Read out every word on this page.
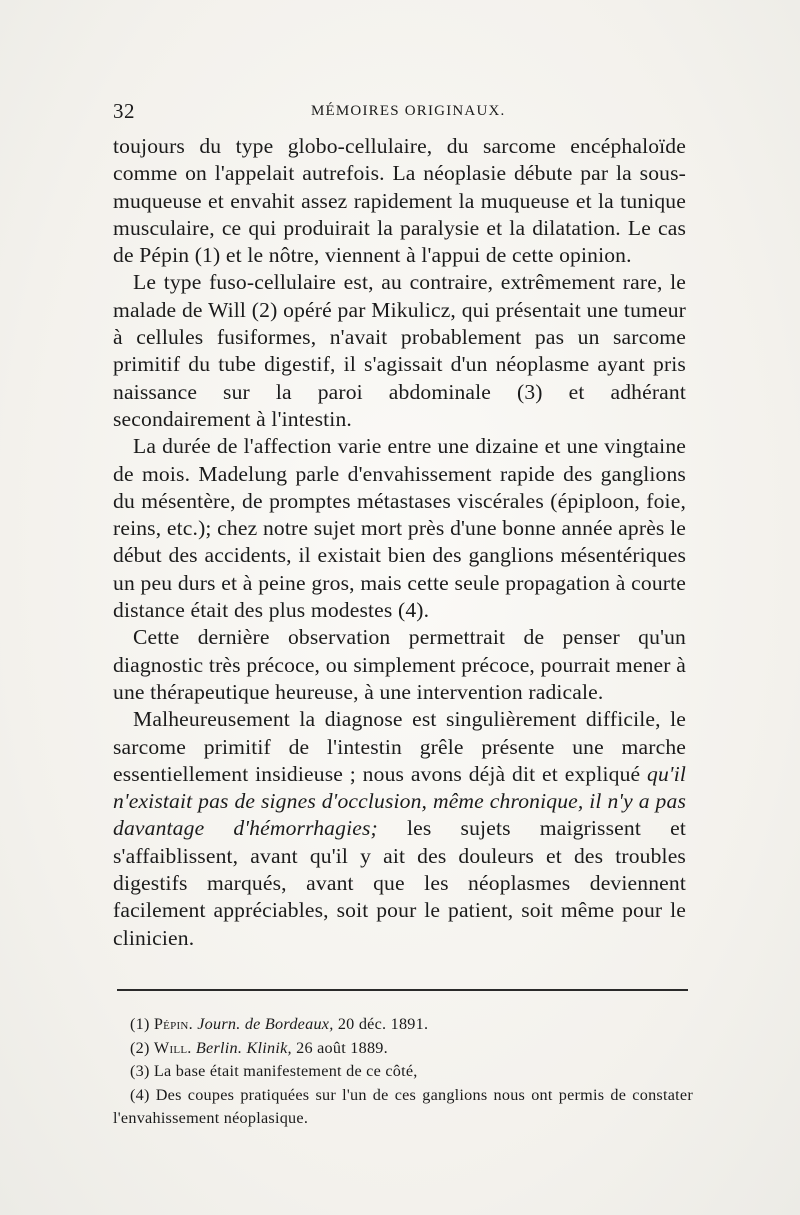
32	MÉMOIRES ORIGINAUX.

toujours du type globo-cellulaire, du sarcome encéphaloïde comme on l'appelait autrefois. La néoplasie débute par la sous-muqueuse et envahit assez rapidement la muqueuse et la tunique musculaire, ce qui produirait la paralysie et la dilatation. Le cas de Pépin (1) et le nôtre, viennent à l'appui de cette opinion.

Le type fuso-cellulaire est, au contraire, extrêmement rare, le malade de Will (2) opéré par Mikulicz, qui présentait une tumeur à cellules fusiformes, n'avait probablement pas un sarcome primitif du tube digestif, il s'agissait d'un néoplasme ayant pris naissance sur la paroi abdominale (3) et adhérant secondairement à l'intestin.

La durée de l'affection varie entre une dizaine et une vingtaine de mois. Madelung parle d'envahissement rapide des ganglions du mésentère, de promptes métastases viscérales (épiploon, foie, reins, etc.); chez notre sujet mort près d'une bonne année après le début des accidents, il existait bien des ganglions mésentériques un peu durs et à peine gros, mais cette seule propagation à courte distance était des plus modestes (4).

Cette dernière observation permettrait de penser qu'un diagnostic très précoce, ou simplement précoce, pourrait mener à une thérapeutique heureuse, à une intervention radicale.

Malheureusement la diagnose est singulièrement difficile, le sarcome primitif de l'intestin grêle présente une marche essentiellement insidieuse ; nous avons déjà dit et expliqué qu'il n'existait pas de signes d'occlusion, même chronique, il n'y a pas davantage d'hémorrhagies; les sujets maigrissent et s'affaiblissent, avant qu'il y ait des douleurs et des troubles digestifs marqués, avant que les néoplasmes deviennent facilement appréciables, soit pour le patient, soit même pour le clinicien.

(1) Pépin. Journ. de Bordeaux, 20 déc. 1891.

(2) Will. Berlin. Klinik, 26 août 1889.

(3) La base était manifestement de ce côté,

(4) Des coupes pratiquées sur l'un de ces ganglions nous ont permis de constater l'envahissement néoplasique.
